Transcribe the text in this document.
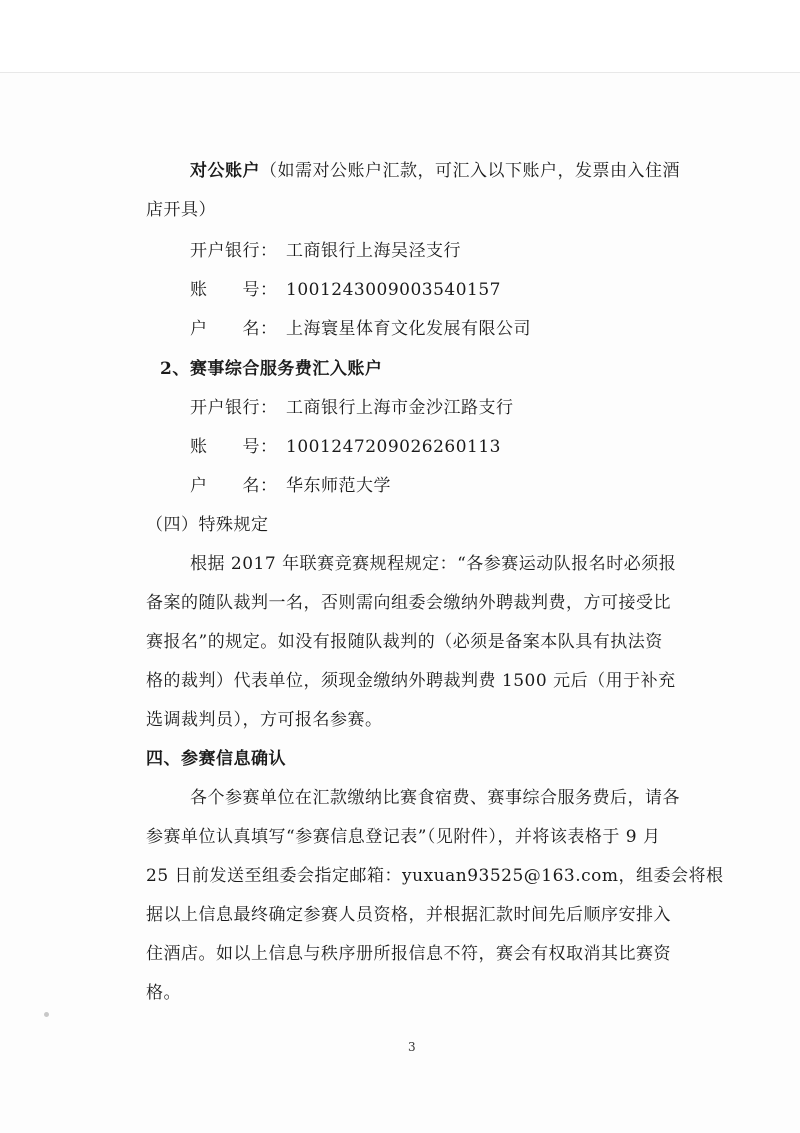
对公账户（如需对公账户汇款，可汇入以下账户，发票由入住酒
店开具）
开户银行： 工商银行上海吴泾支行
账　　号： 1001243009003540157
户　　名： 上海寰星体育文化发展有限公司
2、赛事综合服务费汇入账户
开户银行： 工商银行上海市金沙江路支行
账　　号： 1001247209026260113
户　　名： 华东师范大学
（四）特殊规定
根据 2017 年联赛竞赛规程规定：“各参赛运动队报名时必须报
备案的随队裁判一名，否则需向组委会缴纳外聘裁判费，方可接受比
赛报名”的规定。如没有报随队裁判的（必须是备案本队具有执法资
格的裁判）代表单位，须现金缴纳外聘裁判费 1500 元后（用于补充
选调裁判员），方可报名参赛。
四、参赛信息确认
各个参赛单位在汇款缴纳比赛食宿费、赛事综合服务费后，请各
参赛单位认真填写“参赛信息登记表”（见附件），并将该表格于 9 月
25 日前发送至组委会指定邮箱：yuxuan93525@163.com，组委会将根
据以上信息最终确定参赛人员资格，并根据汇款时间先后顺序安排入
住酒店。如以上信息与秩序册所报信息不符，赛会有权取消其比赛资
格。
3
